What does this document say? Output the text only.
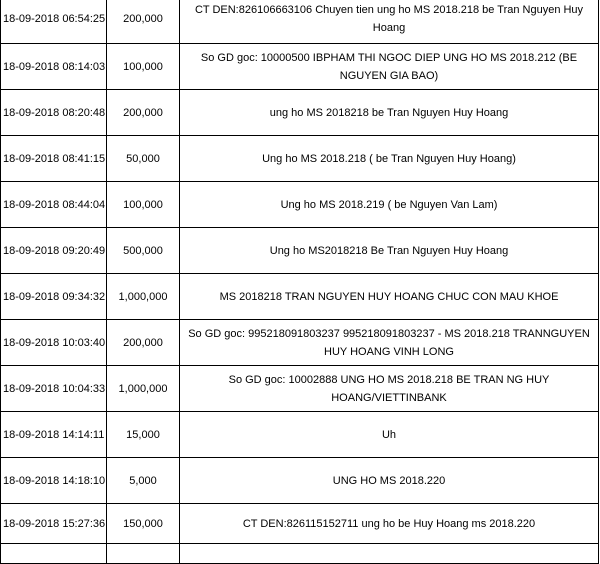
18-09-2018 06:54:25	200,000	CT DEN:826106663106 Chuyen tien ung ho MS 2018.218 be Tran Nguyen Huy Hoang
18-09-2018 08:14:03	100,000	So GD goc: 10000500 IBPHAM THI NGOC DIEP UNG HO MS 2018.212 (BE NGUYEN GIA BAO)
18-09-2018 08:20:48	200,000	ung ho MS 2018218 be Tran Nguyen Huy Hoang
18-09-2018 08:41:15	50,000	Ung ho MS 2018.218 ( be Tran Nguyen Huy Hoang)
18-09-2018 08:44:04	100,000	Ung ho MS 2018.219 ( be Nguyen Van Lam)
18-09-2018 09:20:49	500,000	Ung ho MS2018218 Be Tran Nguyen Huy Hoang
18-09-2018 09:34:32	1,000,000	MS 2018218 TRAN NGUYEN HUY HOANG CHUC CON MAU KHOE
18-09-2018 10:03:40	200,000	So GD goc: 995218091803237 995218091803237 - MS 2018.218 TRANNGUYEN HUY HOANG VINH LONG
18-09-2018 10:04:33	1,000,000	So GD goc: 10002888 UNG HO MS 2018.218 BE TRAN NG HUY HOANG/VIETTINBANK
18-09-2018 14:14:11	15,000	Uh
18-09-2018 14:18:10	5,000	UNG HO MS 2018.220
18-09-2018 15:27:36	150,000	CT DEN:826115152711 ung ho be Huy Hoang ms 2018.220
